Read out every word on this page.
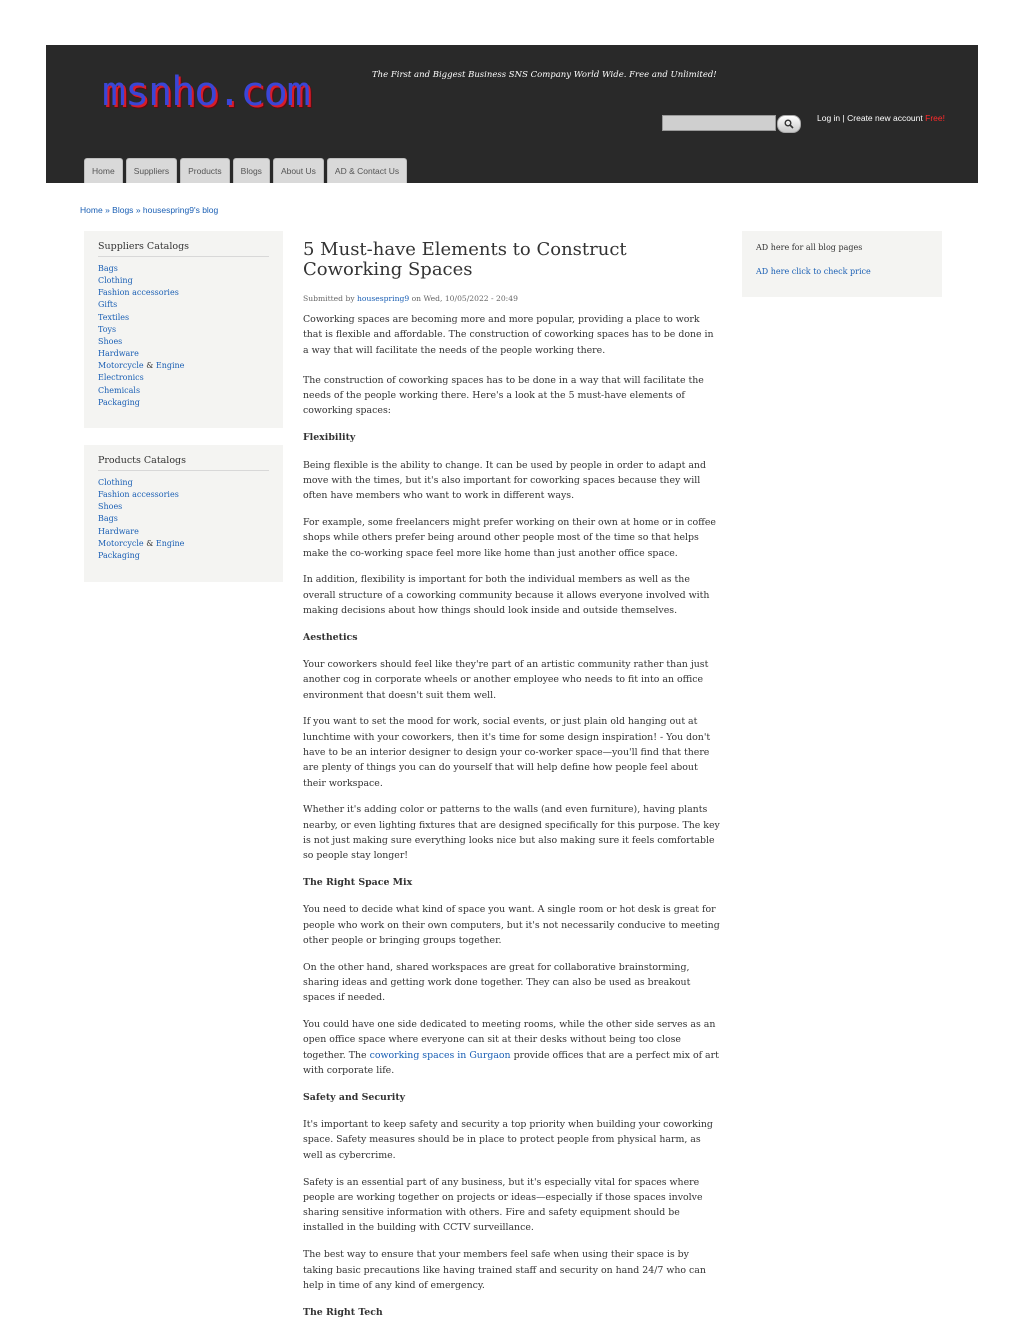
msnho.com	The First and Biggest Business SNS Company World Wide. Free and Unlimited!
Log in | Create new account Free!
Home	Suppliers	Products	Blogs	About Us	AD & Contact Us
Home » Blogs » housespring9's blog
Suppliers Catalogs
Bags
Clothing
Fashion accessories
Gifts
Textiles
Toys
Shoes
Hardware
Motorcycle & Engine
Electronics
Chemicals
Packaging
Products Catalogs
Clothing
Fashion accessories
Shoes
Bags
Hardware
Motorcycle & Engine
Packaging
AD here for all blog pages
AD here click to check price
5 Must-have Elements to Construct Coworking Spaces
Submitted by housespring9 on Wed, 10/05/2022 - 20:49

Coworking spaces are becoming more and more popular, providing a place to work that is flexible and affordable. The construction of coworking spaces has to be done in a way that will facilitate the needs of the people working there.

The construction of coworking spaces has to be done in a way that will facilitate the needs of the people working there. Here's a look at the 5 must-have elements of coworking spaces:

Flexibility

Being flexible is the ability to change. It can be used by people in order to adapt and move with the times, but it's also important for coworking spaces because they will often have members who want to work in different ways.

For example, some freelancers might prefer working on their own at home or in coffee shops while others prefer being around other people most of the time so that helps make the co-working space feel more like home than just another office space.

In addition, flexibility is important for both the individual members as well as the overall structure of a coworking community because it allows everyone involved with making decisions about how things should look inside and outside themselves.

Aesthetics

Your coworkers should feel like they're part of an artistic community rather than just another cog in corporate wheels or another employee who needs to fit into an office environment that doesn't suit them well.

If you want to set the mood for work, social events, or just plain old hanging out at lunchtime with your coworkers, then it's time for some design inspiration! - You don't have to be an interior designer to design your co-worker space—you'll find that there are plenty of things you can do yourself that will help define how people feel about their workspace.

Whether it's adding color or patterns to the walls (and even furniture), having plants nearby, or even lighting fixtures that are designed specifically for this purpose. The key is not just making sure everything looks nice but also making sure it feels comfortable so people stay longer!

The Right Space Mix

You need to decide what kind of space you want. A single room or hot desk is great for people who work on their own computers, but it's not necessarily conducive to meeting other people or bringing groups together.

On the other hand, shared workspaces are great for collaborative brainstorming, sharing ideas and getting work done together. They can also be used as breakout spaces if needed.

You could have one side dedicated to meeting rooms, while the other side serves as an open office space where everyone can sit at their desks without being too close together. The coworking spaces in Gurgaon provide offices that are a perfect mix of art with corporate life.

Safety and Security

It's important to keep safety and security a top priority when building your coworking space. Safety measures should be in place to protect people from physical harm, as well as cybercrime.

Safety is an essential part of any business, but it's especially vital for spaces where people are working together on projects or ideas—especially if those spaces involve sharing sensitive information with others. Fire and safety equipment should be installed in the building with CCTV surveillance.

The best way to ensure that your members feel safe when using their space is by taking basic precautions like having trained staff and security on hand 24/7 who can help in time of any kind of emergency.

The Right Tech
